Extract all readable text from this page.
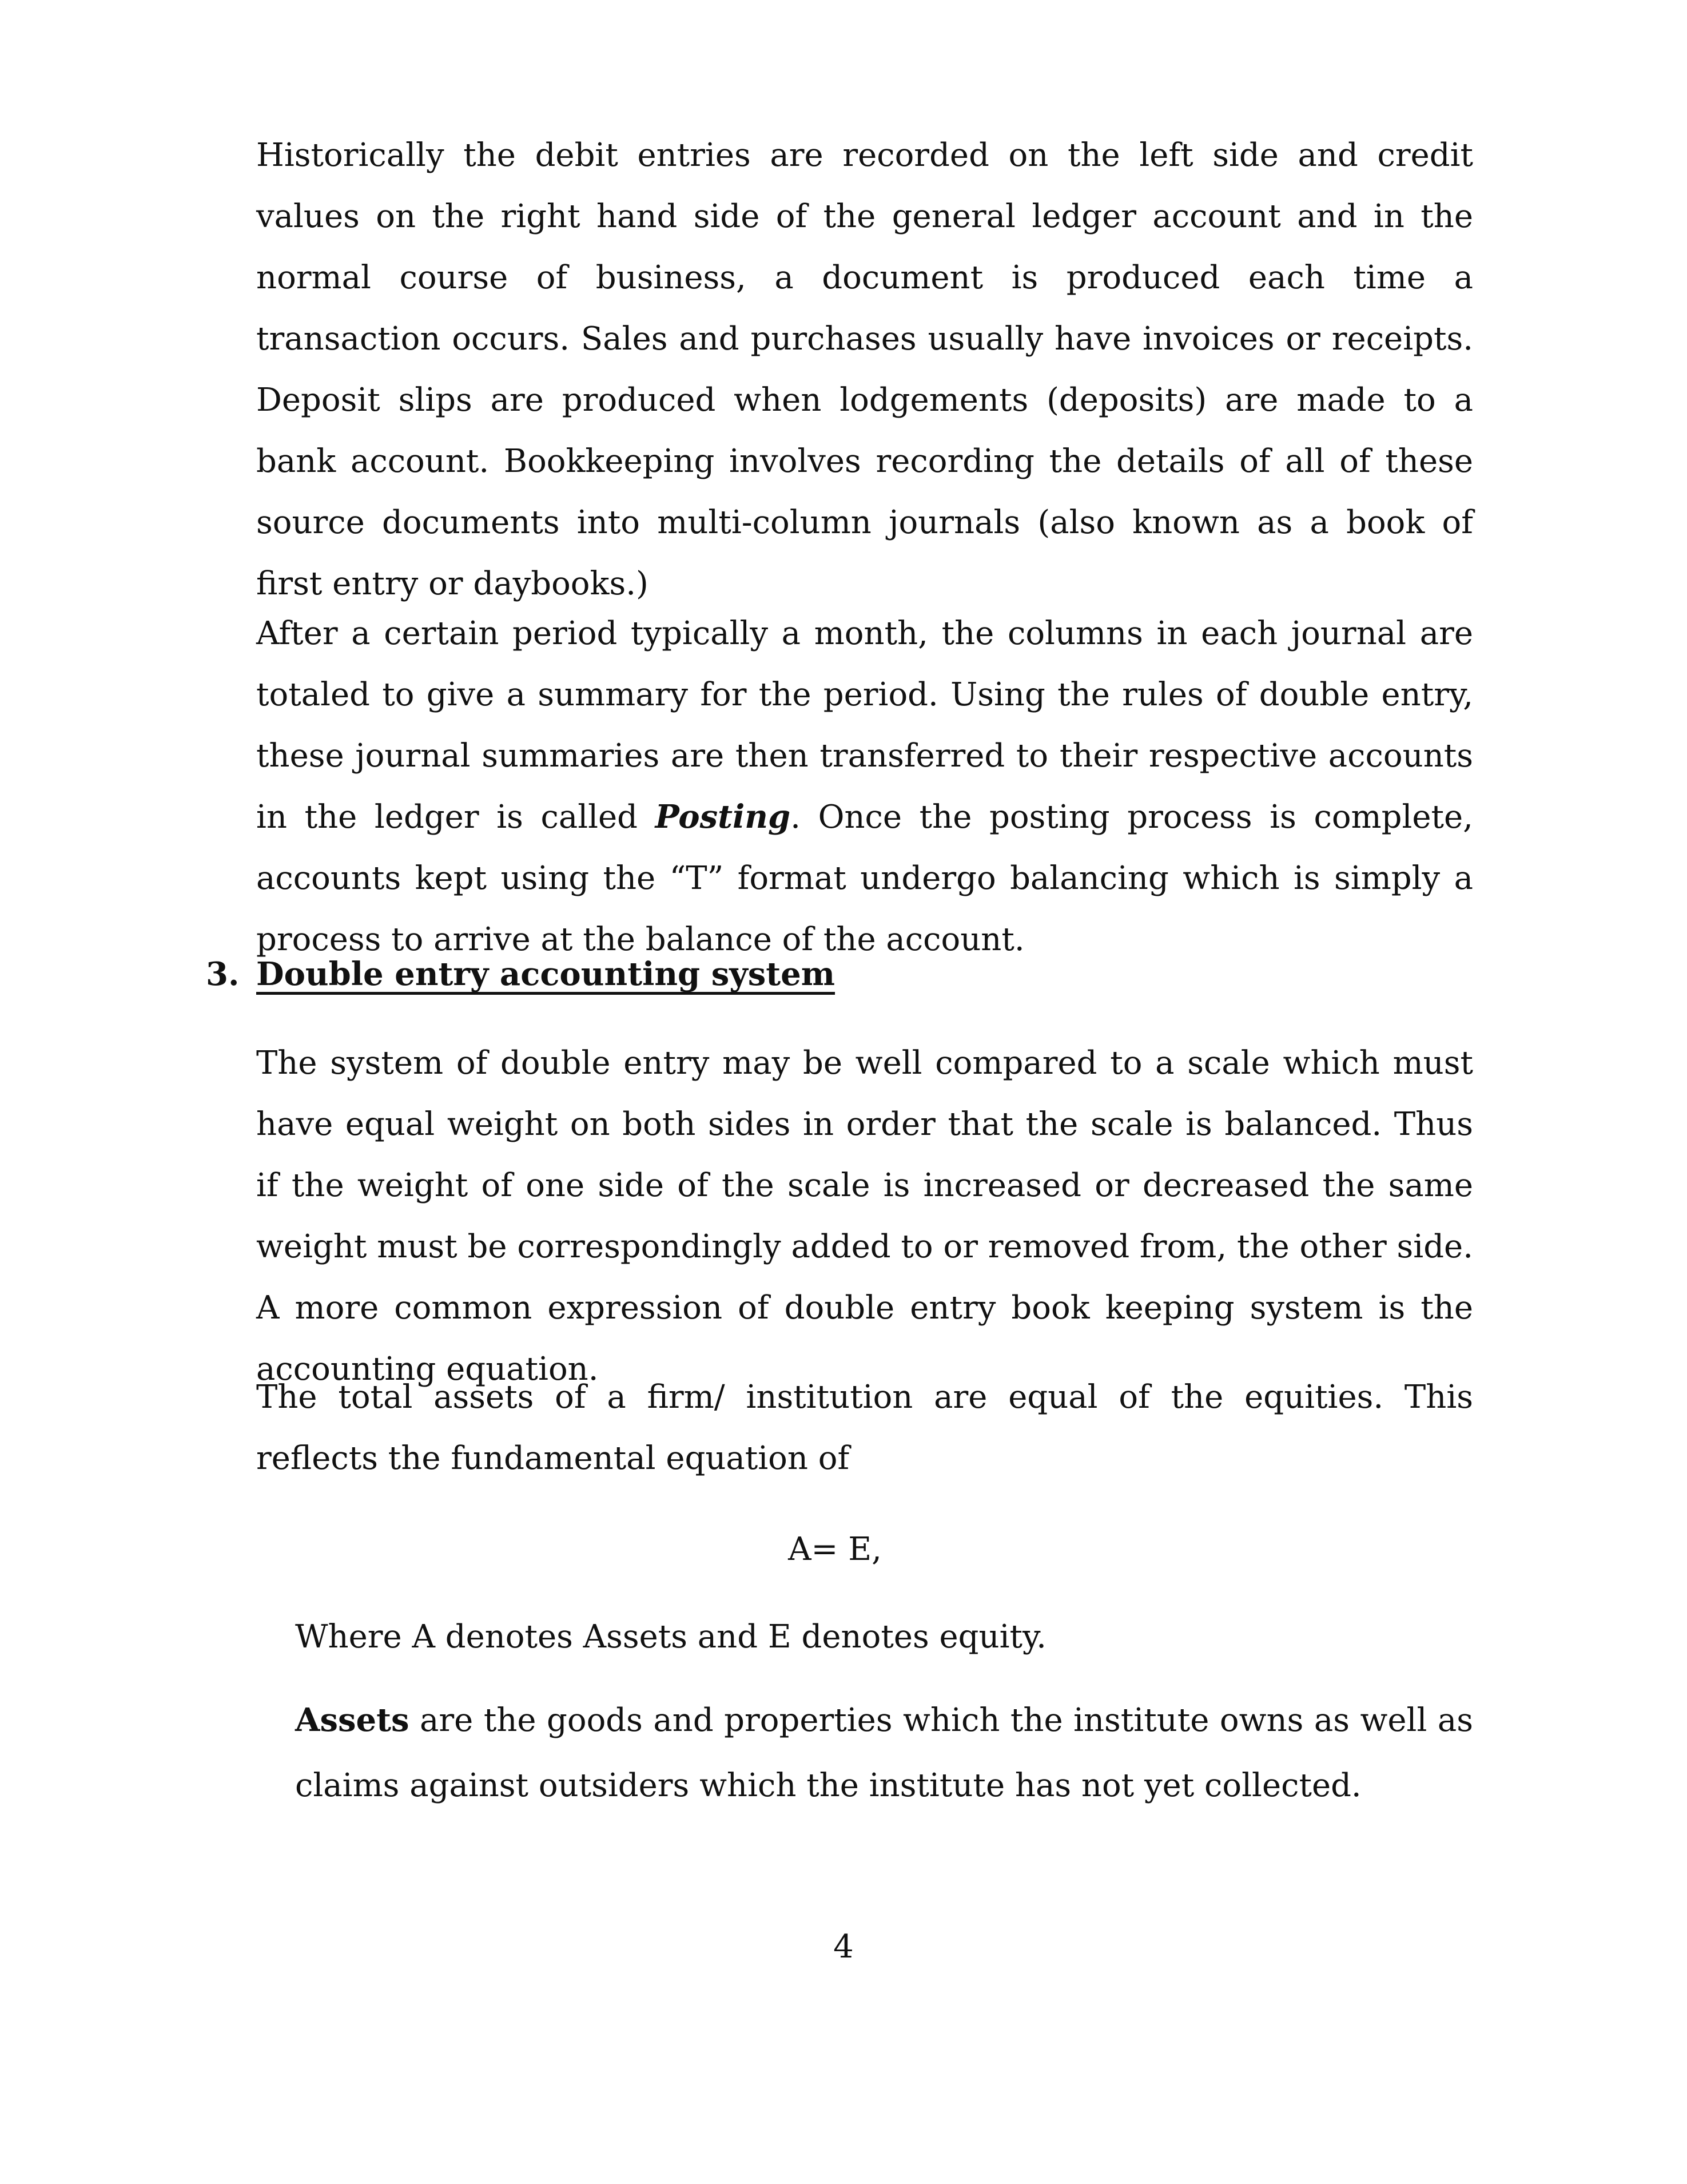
Historically the debit entries are recorded on the left side and credit values on the right hand side of the general ledger account and in the normal course of business, a document is produced each time a transaction occurs. Sales and purchases usually have invoices or receipts. Deposit slips are produced when lodgements (deposits) are made to a bank account. Bookkeeping involves recording the details of all of these source documents into multi-column journals (also known as a book of first entry or daybooks.)

After a certain period typically a month, the columns in each journal are totaled to give a summary for the period. Using the rules of double entry, these journal summaries are then transferred to their respective accounts in the ledger is called Posting. Once the posting process is complete, accounts kept using the “T” format undergo balancing which is simply a process to arrive at the balance of the account.

3. Double entry accounting system

The system of double entry may be well compared to a scale which must have equal weight on both sides in order that the scale is balanced. Thus if the weight of one side of the scale is increased or decreased the same weight must be correspondingly added to or removed from, the other side. A more common expression of double entry book keeping system is the accounting equation.

The total assets of a firm/ institution are equal of the equities. This reflects the fundamental equation of

A= E,

Where A denotes Assets and E denotes equity.

Assets are the goods and properties which the institute owns as well as claims against outsiders which the institute has not yet collected.

4
